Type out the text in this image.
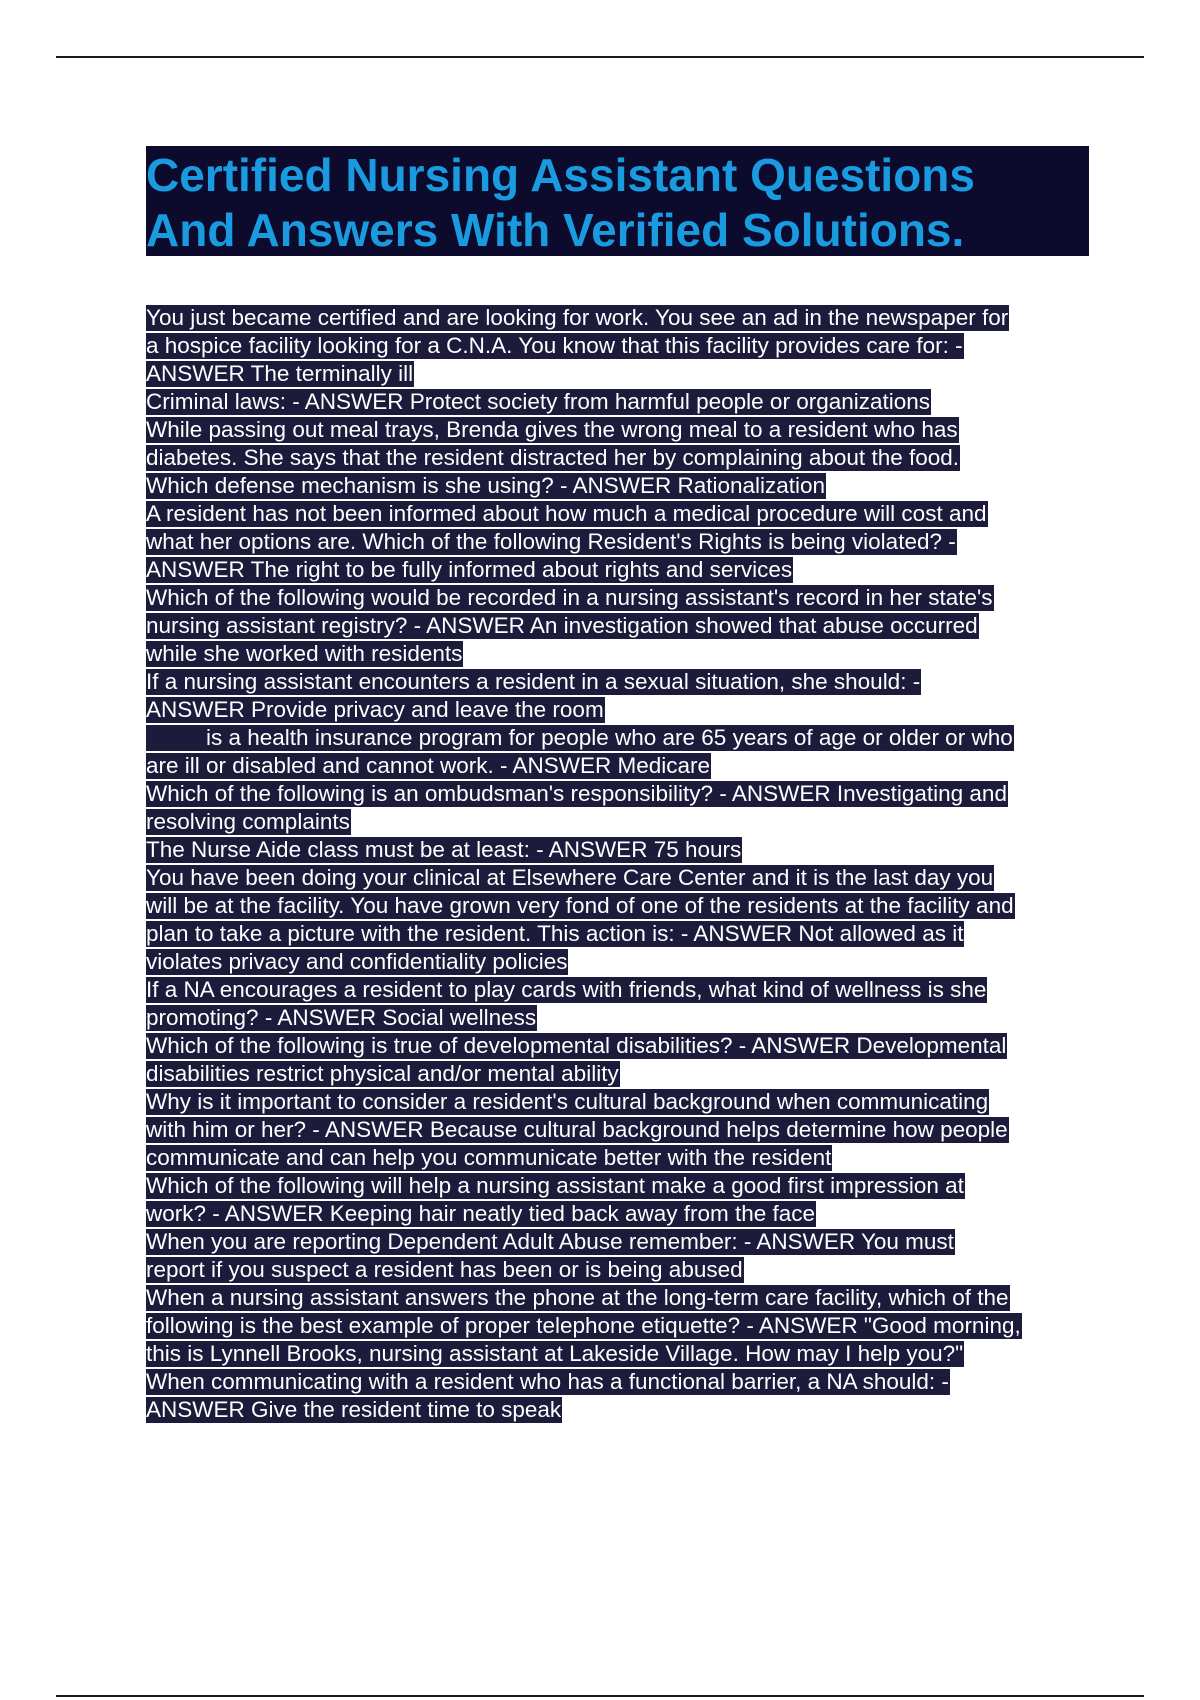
Certified Nursing Assistant Questions
And Answers With Verified Solutions.
You just became certified and are looking for work. You see an ad in the newspaper for
a hospice facility looking for a C.N.A. You know that this facility provides care for: -
ANSWER The terminally ill
Criminal laws: - ANSWER Protect society from harmful people or organizations
While passing out meal trays, Brenda gives the wrong meal to a resident who has
diabetes. She says that the resident distracted her by complaining about the food.
Which defense mechanism is she using? - ANSWER Rationalization
A resident has not been informed about how much a medical procedure will cost and
what her options are. Which of the following Resident's Rights is being violated? -
ANSWER The right to be fully informed about rights and services
Which of the following would be recorded in a nursing assistant's record in her state's
nursing assistant registry? - ANSWER An investigation showed that abuse occurred
while she worked with residents
If a nursing assistant encounters a resident in a sexual situation, she should: -
ANSWER Provide privacy and leave the room
is a health insurance program for people who are 65 years of age or older or who
are ill or disabled and cannot work. - ANSWER Medicare
Which of the following is an ombudsman's responsibility? - ANSWER Investigating and
resolving complaints
The Nurse Aide class must be at least: - ANSWER 75 hours
You have been doing your clinical at Elsewhere Care Center and it is the last day you
will be at the facility. You have grown very fond of one of the residents at the facility and
plan to take a picture with the resident. This action is: - ANSWER Not allowed as it
violates privacy and confidentiality policies
If a NA encourages a resident to play cards with friends, what kind of wellness is she
promoting? - ANSWER Social wellness
Which of the following is true of developmental disabilities? - ANSWER Developmental
disabilities restrict physical and/or mental ability
Why is it important to consider a resident's cultural background when communicating
with him or her? - ANSWER Because cultural background helps determine how people
communicate and can help you communicate better with the resident
Which of the following will help a nursing assistant make a good first impression at
work? - ANSWER Keeping hair neatly tied back away from the face
When you are reporting Dependent Adult Abuse remember: - ANSWER You must
report if you suspect a resident has been or is being abused
When a nursing assistant answers the phone at the long-term care facility, which of the
following is the best example of proper telephone etiquette? - ANSWER "Good morning,
this is Lynnell Brooks, nursing assistant at Lakeside Village. How may I help you?"
When communicating with a resident who has a functional barrier, a NA should: -
ANSWER Give the resident time to speak
